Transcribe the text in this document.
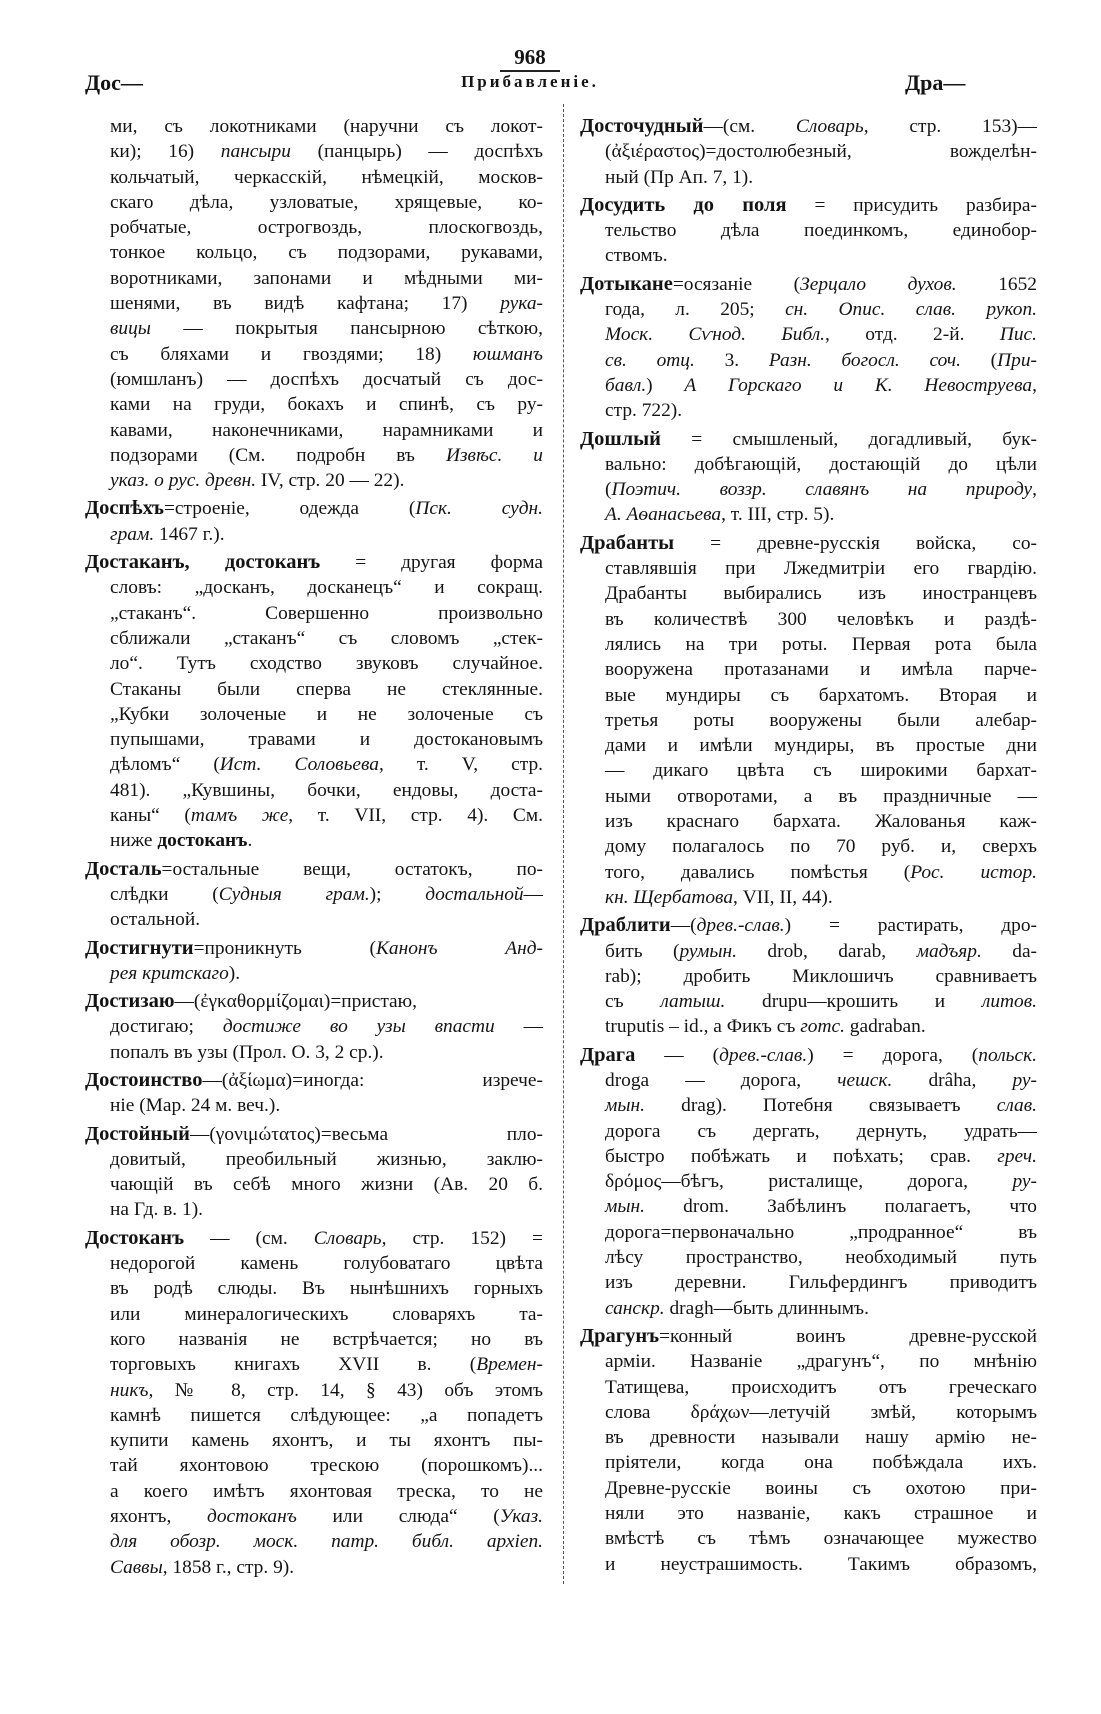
968
Дос—	Прибавленіе.	Дра—
ми, съ локотниками (наручни съ локот-
ки); 16) пансыри (панцырь) — доспѣхъ
кольчатый, черкасскій, нѣмецкій, москов-
скаго дѣла, узловатые, хрящевые, ко-
робчатые, острогвоздь, плоскогвоздь,
тонкое кольцо, съ подзорами, рукавами,
воротниками, запонами и мѣдными ми-
шенями, въ видѣ кафтана; 17) рука-
вицы — покрытыя пансырною сѣткою,
съ бляхами и гвоздями; 18) юшманъ
(юмшланъ) — доспѣхъ досчатый съ дос-
ками на груди, бокахъ и спинѣ, съ ру-
кавами, наконечниками, нарамниками и
подзорами (См. подробн въ Извѣс. и
указ. о рус. древн. IV, стр. 20 — 22).
Доспѣхъ=строеніе, одежда (Пск. судн.
грам. 1467 г.).
Достаканъ, достоканъ = другая форма
словъ: „досканъ, досканецъ“ и сокращ.
„стаканъ“. Совершенно произвольно
сближали „стаканъ“ съ словомъ „стек-
ло“. Тутъ сходство звуковъ случайное.
Стаканы были сперва не стеклянные.
„Кубки золоченые и не золоченые съ
пупышами, травами и достокановымъ
дѣломъ“ (Ист. Соловьева, т. V, стр.
481). „Кувшины, бочки, ендовы, доста-
каны“ (тамъ же, т. VII, стр. 4). См.
ниже достоканъ.
Досталь=остальные вещи, остатокъ, по-
слѣдки (Судныя грам.); достальной—
остальной.
Достигнути=проникнуть (Канонъ Анд-
рея критскаго).
Достизаю—(ἐγκαθορμίζομαι)=пристаю,
достигаю; достиже во узы впасти —
попалъ въ узы (Прол. О. 3, 2 ср.).
Достоинство—(ἀξίωμα)=иногда: изрече-
ніе (Мар. 24 м. веч.).
Достойный—(γονιμώτατος)=весьма пло-
довитый, преобильный жизнью, заклю-
чающій въ себѣ много жизни (Ав. 20 б.
на Гд. в. 1).
Достоканъ — (см. Словарь, стр. 152) =
недорогой камень голубоватаго цвѣта
въ родѣ слюды. Въ нынѣшнихъ горныхъ
или минералогическихъ словаряхъ та-
кого названія не встрѣчается; но въ
торговыхъ книгахъ XVII в. (Времен-
никъ, № 8, стр. 14, § 43) объ этомъ
камнѣ пишется слѣдующее: „а попадетъ
купити камень яхонтъ, и ты яхонтъ пы-
тай яхонтовою трескою (порошкомъ)...
а коего имѣтъ яхонтовая треска, то не
яхонтъ, достоканъ или слюда“ (Указ.
для обозр. моск. патр. библ. архіеп.
Саввы, 1858 г., стр. 9).
Досточудный—(см. Словарь, стр. 153)—
(ἀξιέραστος)=достолюбезный, вожделѣн-
ный (Пр Ап. 7, 1).
Досудить до поля = присудить разбира-
тельство дѣла поединкомъ, единобор-
ствомъ.
Дотыкане=осязаніе (Зерцало духов. 1652
года, л. 205; сн. Опис. слав. рукоп.
Моск. Сѵнод. Библ., отд. 2-й. Пис.
св. отц. 3. Разн. богосл. соч. (При-
бавл.) А Горскаго и К. Невоструева,
стр. 722).
Дошлый = смышленый, догадливый, бук-
вально: добѣгающій, достающій до цѣли
(Поэтич. воззр. славянъ на природу,
А. Аѳанасьева, т. III, стр. 5).
Драбанты = древне-русскія войска, со-
ставлявшія при Лжедмитріи его гвардію.
Драбанты выбирались изъ иностранцевъ
въ количествѣ 300 человѣкъ и раздѣ-
лялись на три роты. Первая рота была
вооружена протазанами и имѣла парче-
вые мундиры съ бархатомъ. Вторая и
третья роты вооружены были алебар-
дами и имѣли мундиры, въ простые дни
— дикаго цвѣта съ широкими бархат-
ными отворотами, а въ праздничные —
изъ краснаго бархата. Жалованья каж-
дому полагалось по 70 руб. и, сверхъ
того, давались помѣстья (Рос. истор.
кн. Щербатова, VII, II, 44).
Драблити—(древ.-слав.) = растирать, дро-
бить (румын. drob, darab, мадъяр. da-
rab); дробить Миклошичъ сравниваетъ
съ латыш. drupu—крошить и литов.
truputis – id., а Фикъ съ готс. gadraban.
Драга — (древ.-слав.) = дорога, (польск.
droga — дорога, чешск. drâha, ру-
мын. drag). Потебня связываетъ слав.
дорога съ дергать, дернуть, удрать—
быстро побѣжать и поѣхать; срав. греч.
δρόμος—бѣгъ, ристалище, дорога, ру-
мын. drom. Забѣлинъ полагаетъ, что
дорога=первоначально „продранное“ въ
лѣсу пространство, необходимый путь
изъ деревни. Гильфердингъ приводитъ
санскр. dragh—быть длиннымъ.
Драгунъ=конный воинъ древне-русской
арміи. Названіе „драгунъ“, по мнѣнію
Татищева, происходитъ отъ греческаго
слова δράχων—летучій змѣй, которымъ
въ древности называли нашу армію не-
пріятели, когда она побѣждала ихъ.
Древне-русскіе воины съ охотою при-
няли это названіе, какъ страшное и
вмѣстѣ съ тѣмъ означающее мужество
и неустрашимость. Такимъ образомъ,
